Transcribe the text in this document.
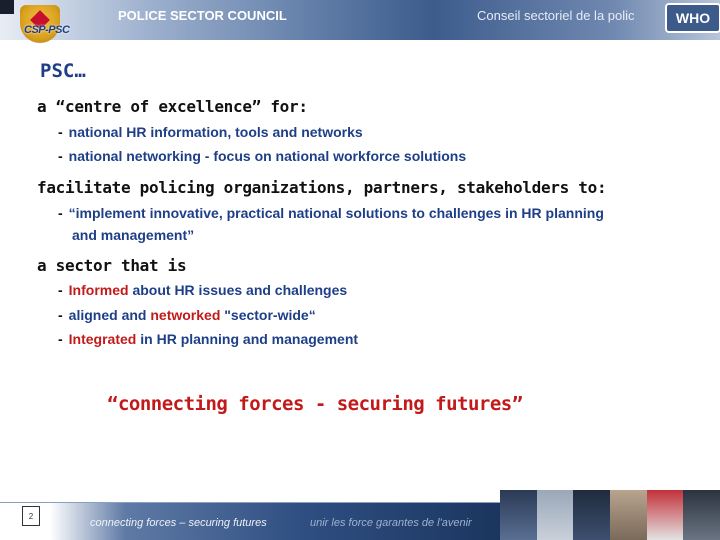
CSP-PSC
POLICE SECTOR COUNCIL	Conseil sectoriel de la polic	WHO
PSC…
a “centre of excellence” for:
- national HR information, tools and networks
- national networking - focus on national workforce solutions
facilitate policing organizations, partners, stakeholders to:
- “implement innovative, practical national solutions to challenges in HR planning
and management”
a sector that is
- Informed about HR issues and challenges
- aligned and networked "sector-wide“
- Integrated in HR planning and management
“connecting forces - securing futures”
2
connecting forces – securing futures	unir les force garantes de l'avenir
